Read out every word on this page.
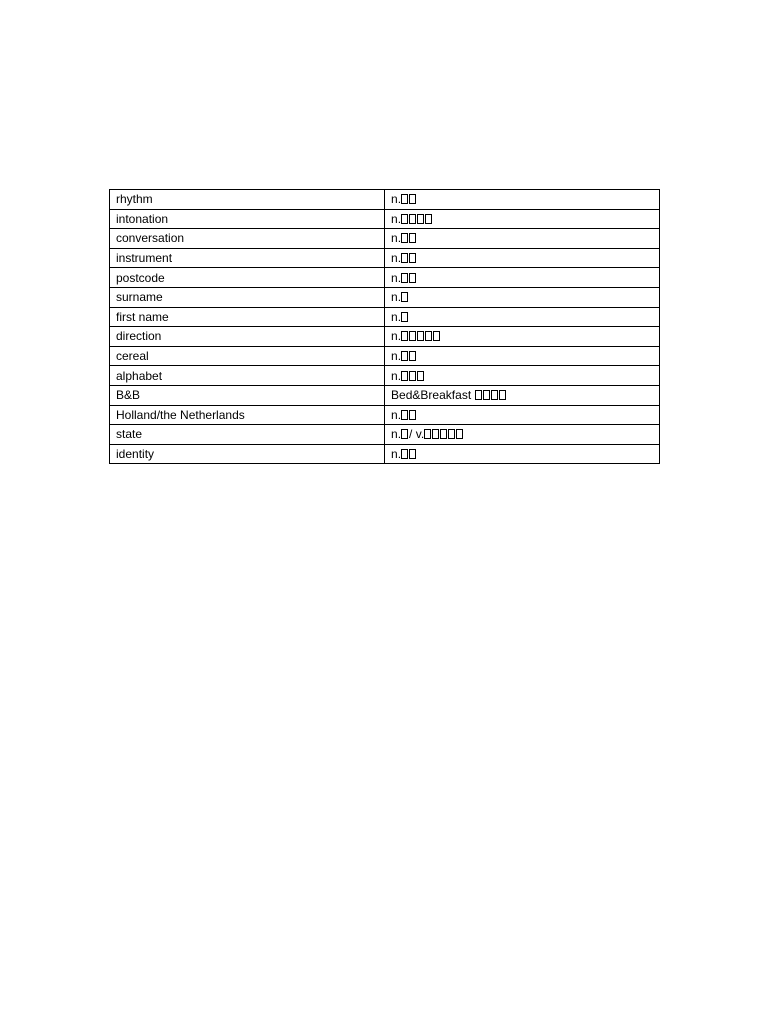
rhythm	n.
intonation	n.
conversation	n.
instrument	n.
postcode	n.
surname	n.
first name	n.
direction	n.
cereal	n.
alphabet	n.
B&B	Bed&Breakfast
Holland/the Netherlands	n.
state	n. / v.
identity	n.
